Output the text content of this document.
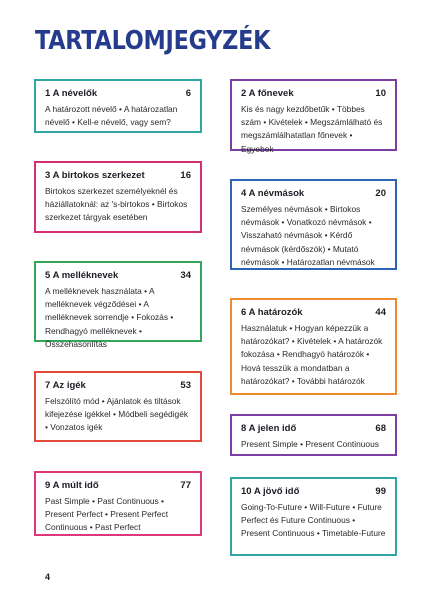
TARTALOMJEGYZÉK
1 A névelők	6
A határozott névelő • A határozatlan névelő • Kell-e névelő, vagy sem?
3 A birtokos szerkezet	16
Birtokos szerkezet személyeknél és háziállatoknál: az 's-birtokos • Birtokos szerkezet tárgyak esetében
5 A melléknevek	34
A melléknevek használata • A melléknevek végződései • A melléknevek sorrendje • Fokozás • Rendhagyó melléknevek • Összehasonlítás
7 Az igék	53
Felszólító mód • Ajánlatok és tiltások kifejezése igékkel • Módbeli segédigék • Vonzatos igék
9 A múlt idő	77
Past Simple • Past Continuous • Present Perfect • Present Perfect Continuous • Past Perfect
2 A főnevek	10
Kis és nagy kezdőbetűk • Többes szám • Kivételek • Megszámlálható és megszámlálhatatlan főnevek • Egyebek
4 A névmások	20
Személyes névmások • Birtokos névmások • Vonatkozó névmások • Visszaható névmások • Kérdő névmások (kérdőszók) • Mutató névmások • Határozatlan névmások
6 A határozók	44
Használatuk • Hogyan képezzük a határozókat? • Kivételek • A határozók fokozása • Rendhagyó határozók • Hová tesszük a mondatban a határozókat? • További határozók
8 A jelen idő	68
Present Simple • Present Continuous
10 A jövő idő	99
Going-To-Future • Will-Future • Future Perfect és Future Continuous • Present Continuous • Timetable-Future
4
